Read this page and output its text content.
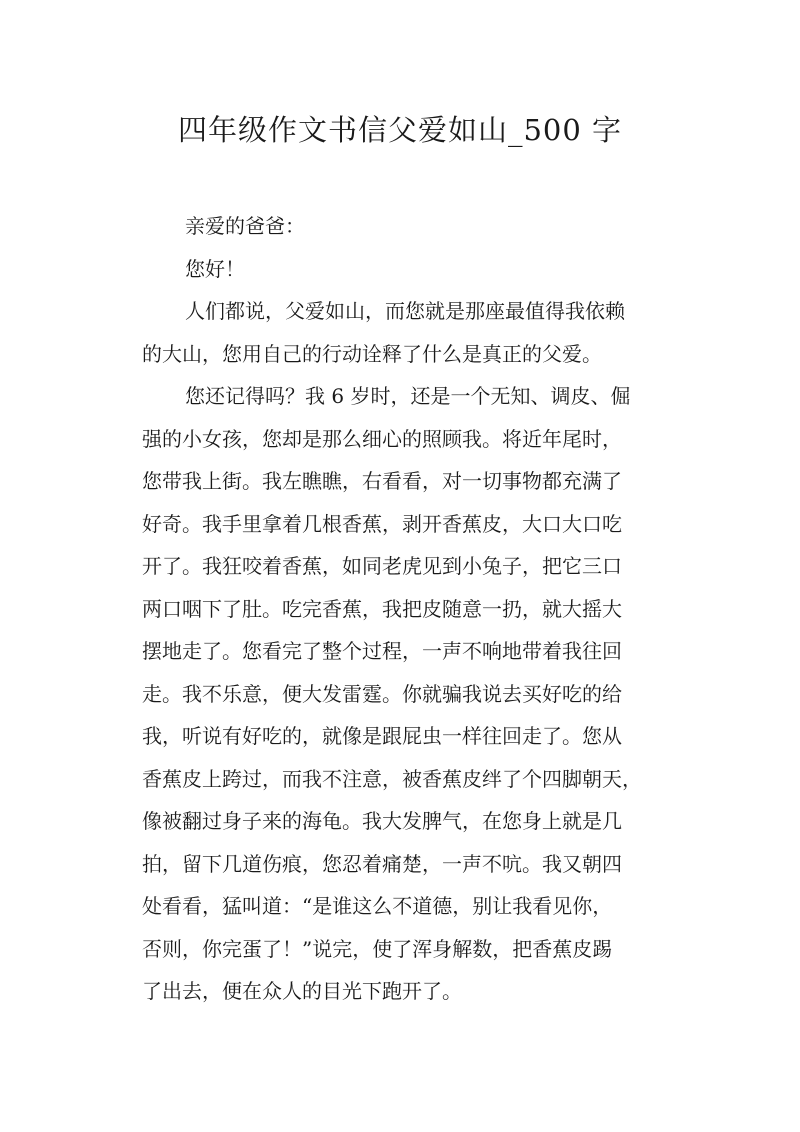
四年级作文书信父爱如山_500 字
亲爱的爸爸：
您好！
人们都说，父爱如山，而您就是那座最值得我依赖
的大山，您用自己的行动诠释了什么是真正的父爱。
您还记得吗？我 6 岁时，还是一个无知、调皮、倔
强的小女孩，您却是那么细心的照顾我。将近年尾时，
您带我上街。我左瞧瞧，右看看，对一切事物都充满了
好奇。我手里拿着几根香蕉，剥开香蕉皮，大口大口吃
开了。我狂咬着香蕉，如同老虎见到小兔子，把它三口
两口咽下了肚。吃完香蕉，我把皮随意一扔，就大摇大
摆地走了。您看完了整个过程，一声不响地带着我往回
走。我不乐意，便大发雷霆。你就骗我说去买好吃的给
我，听说有好吃的，就像是跟屁虫一样往回走了。您从
香蕉皮上跨过，而我不注意，被香蕉皮绊了个四脚朝天，
像被翻过身子来的海龟。我大发脾气，在您身上就是几
拍，留下几道伤痕，您忍着痛楚，一声不吭。我又朝四
处看看，猛叫道：“是谁这么不道德，别让我看见你，
否则，你完蛋了！”说完，使了浑身解数，把香蕉皮踢
了出去，便在众人的目光下跑开了。
